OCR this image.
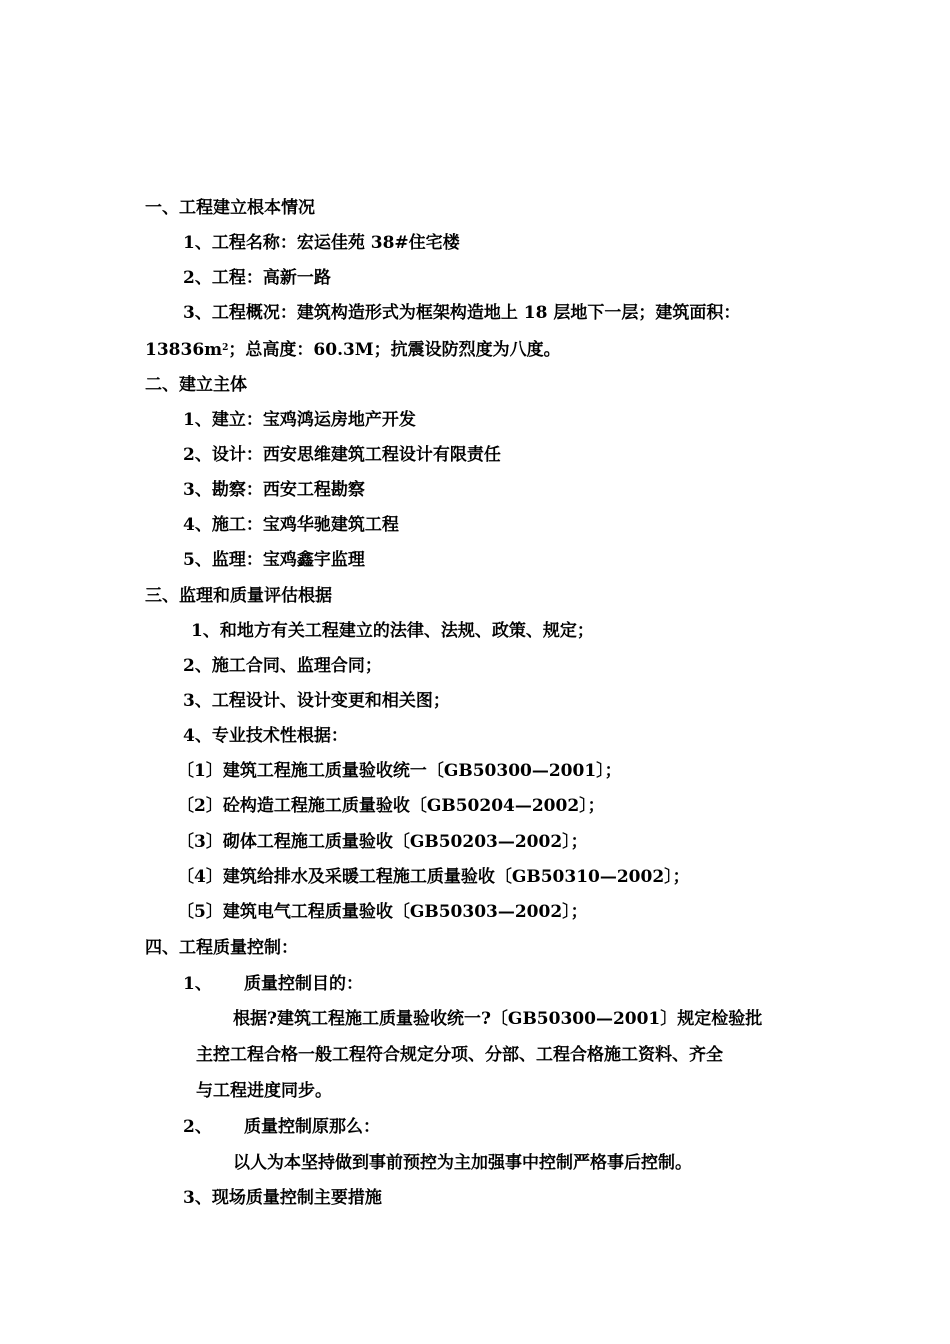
一、工程建立根本情况
1、工程名称：宏运佳苑 38#住宅楼
2、工程：高新一路
3、工程概况：建筑构造形式为框架构造地上 18 层地下一层；建筑面积：
$13836m^2$；总高度：60.3M；抗震设防烈度为八度。
二、建立主体
1、建立：宝鸡鸿运房地产开发
2、设计：西安思维建筑工程设计有限责任
3、勘察：西安工程勘察
4、施工：宝鸡华驰建筑工程
5、监理：宝鸡鑫宇监理
三、监理和质量评估根据
1、和地方有关工程建立的法律、法规、政策、规定；
2、施工合同、监理合同；
3、工程设计、设计变更和相关图；
4、专业技术性根据：
〔1〕建筑工程施工质量验收统一〔GB50300—2001〕；
〔2〕砼构造工程施工质量验收〔GB50204—2002〕；
〔3〕砌体工程施工质量验收〔GB50203—2002〕；
〔4〕建筑给排水及采暖工程施工质量验收〔GB50310—2002〕；
〔5〕建筑电气工程质量验收〔GB50303—2002〕；
四、工程质量控制：
1、 质量控制目的：
根据?建筑工程施工质量验收统一?〔GB50300—2001〕规定检验批
主控工程合格一般工程符合规定分项、分部、工程合格施工资料、齐全
与工程进度同步。
2、 质量控制原那么：
以人为本坚持做到事前预控为主加强事中控制严格事后控制。
3、现场质量控制主要措施
